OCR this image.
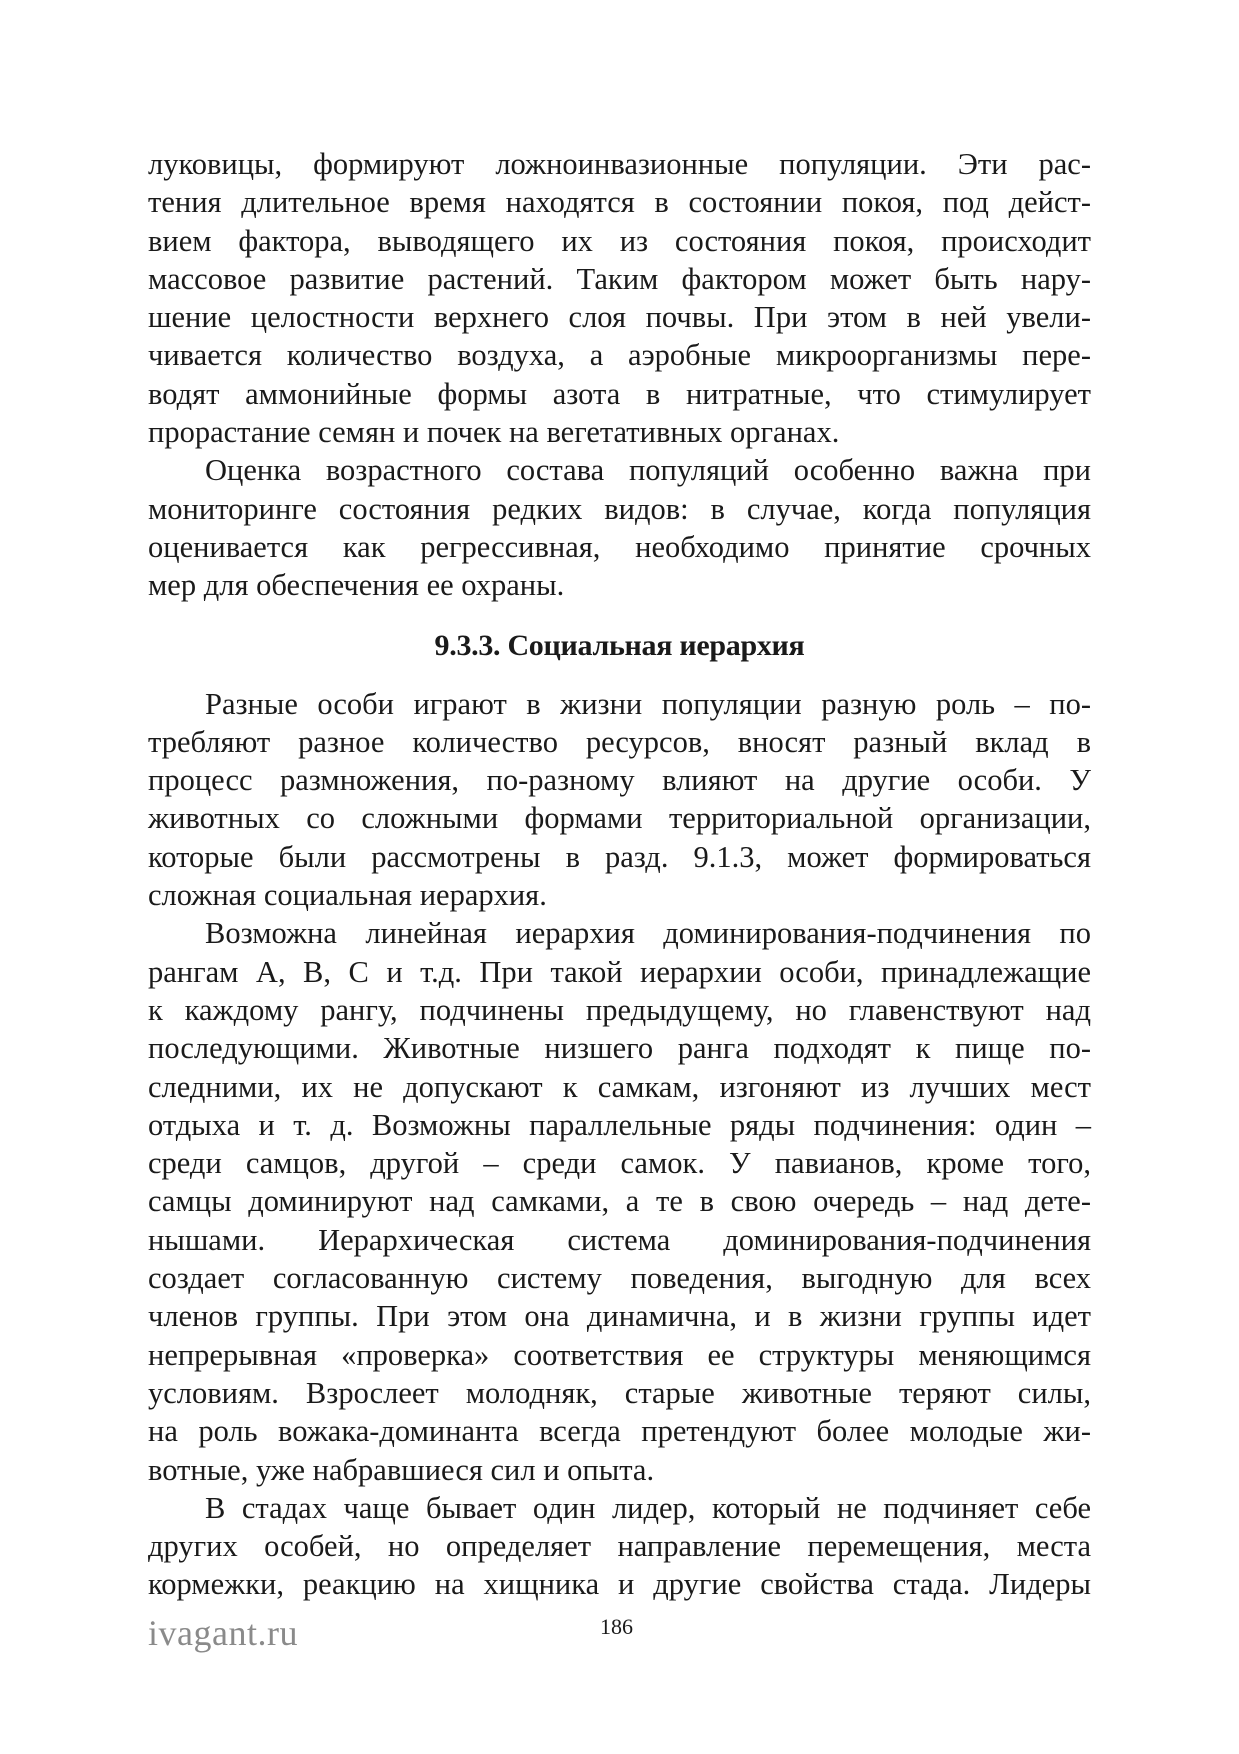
луковицы, формируют ложноинвазионные популяции. Эти рас-
тения длительное время находятся в состоянии покоя, под дейст-
вием фактора, выводящего их из состояния покоя, происходит
массовое развитие растений. Таким фактором может быть нару-
шение целостности верхнего слоя почвы. При этом в ней увели-
чивается количество воздуха, а аэробные микроорганизмы пере-
водят аммонийные формы азота в нитратные, что стимулирует
прорастание семян и почек на вегетативных органах.
Оценка возрастного состава популяций особенно важна при
мониторинге состояния редких видов: в случае, когда популяция
оценивается как регрессивная, необходимо принятие срочных
мер для обеспечения ее охраны.
9.3.3. Социальная иерархия
Разные особи играют в жизни популяции разную роль – по-
требляют разное количество ресурсов, вносят разный вклад в
процесс размножения, по-разному влияют на другие особи. У
животных со сложными формами территориальной организации,
которые были рассмотрены в разд. 9.1.3, может формироваться
сложная социальная иерархия.
Возможна линейная иерархия доминирования-подчинения по
рангам А, В, С и т.д. При такой иерархии особи, принадлежащие
к каждому рангу, подчинены предыдущему, но главенствуют над
последующими. Животные низшего ранга подходят к пище по-
следними, их не допускают к самкам, изгоняют из лучших мест
отдыха и т. д. Возможны параллельные ряды подчинения: один –
среди самцов, другой – среди самок. У павианов, кроме того,
самцы доминируют над самками, а те в свою очередь – над дете-
нышами. Иерархическая система доминирования-подчинения
создает согласованную систему поведения, выгодную для всех
членов группы. При этом она динамична, и в жизни группы идет
непрерывная «проверка» соответствия ее структуры меняющимся
условиям. Взрослеет молодняк, старые животные теряют силы,
на роль вожака-доминанта всегда претендуют более молодые жи-
вотные, уже набравшиеся сил и опыта.
В стадах чаще бывает один лидер, который не подчиняет себе
других особей, но определяет направление перемещения, места
кормежки, реакцию на хищника и другие свойства стада. Лидеры
ivagant.ru	186
